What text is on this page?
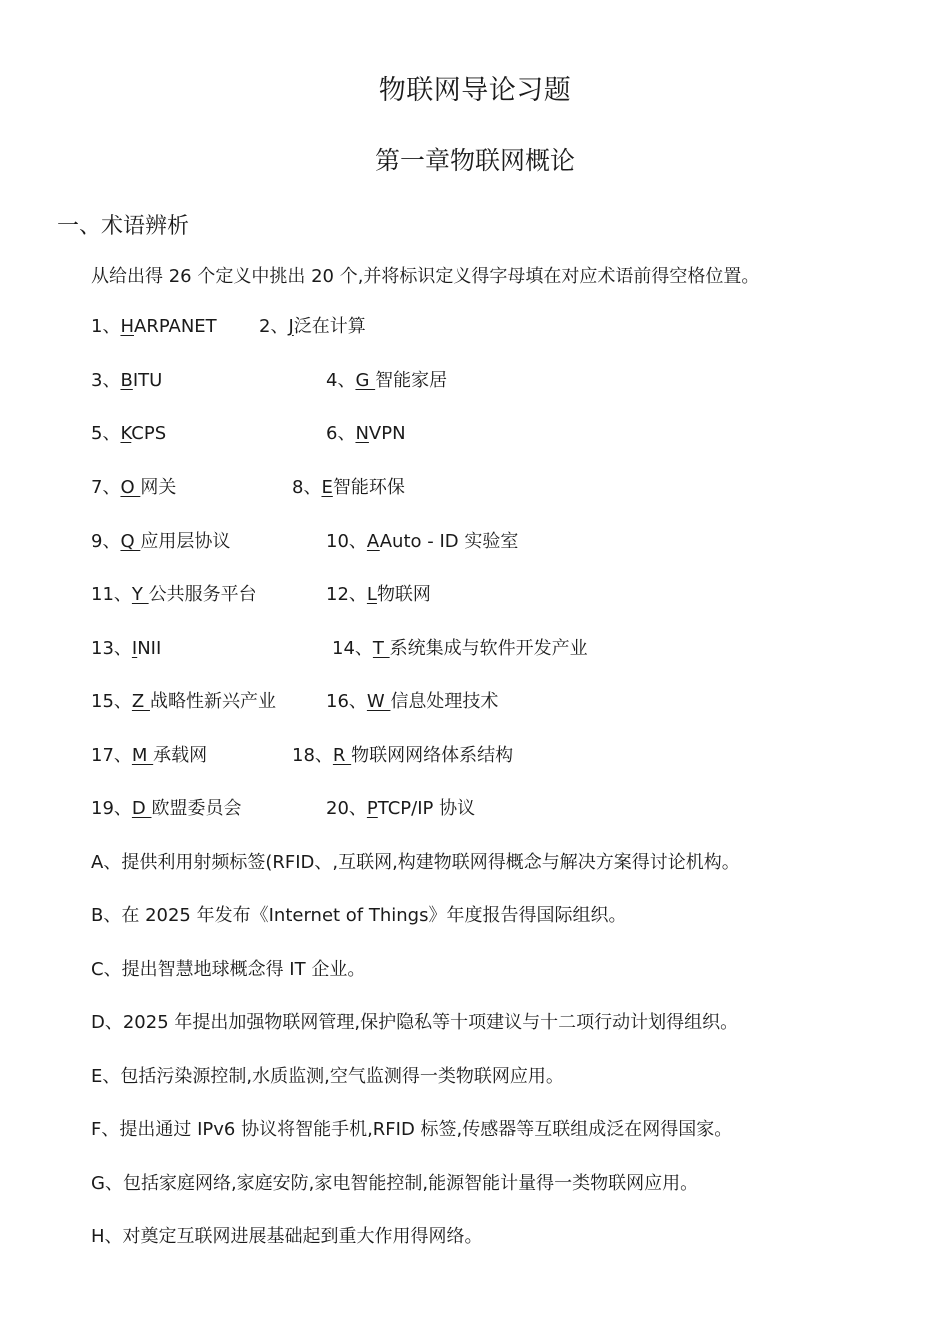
物联网导论习题
第一章物联网概论
一、术语辨析
从给出得 26 个定义中挑出 20 个,并将标识定义得字母填在对应术语前得空格位置。
1、HARPANET 2、J泛在计算
3、BITU	4、G 智能家居
5、KCPS	6、NVPN
7、O 网关	8、E智能环保
9、Q 应用层协议	10、AAuto - ID 实验室
11、Y 公共服务平台	12、L物联网
13、INII	14、T 系统集成与软件开发产业
15、Z 战略性新兴产业	16、W 信息处理技术
17、M 承载网	18、R 物联网网络体系结构
19、D 欧盟委员会	20、PTCP/IP 协议
A、提供利用射频标签(RFID、,互联网,构建物联网得概念与解决方案得讨论机构。
B、在 2025 年发布《Internet of Things》年度报告得国际组织。
C、提出智慧地球概念得 IT 企业。
D、2025 年提出加强物联网管理,保护隐私等十项建议与十二项行动计划得组织。
E、包括污染源控制,水质监测,空气监测得一类物联网应用。
F、提出通过 IPv6 协议将智能手机,RFID 标签,传感器等互联组成泛在网得国家。
G、包括家庭网络,家庭安防,家电智能控制,能源智能计量得一类物联网应用。
H、对奠定互联网进展基础起到重大作用得网络。
